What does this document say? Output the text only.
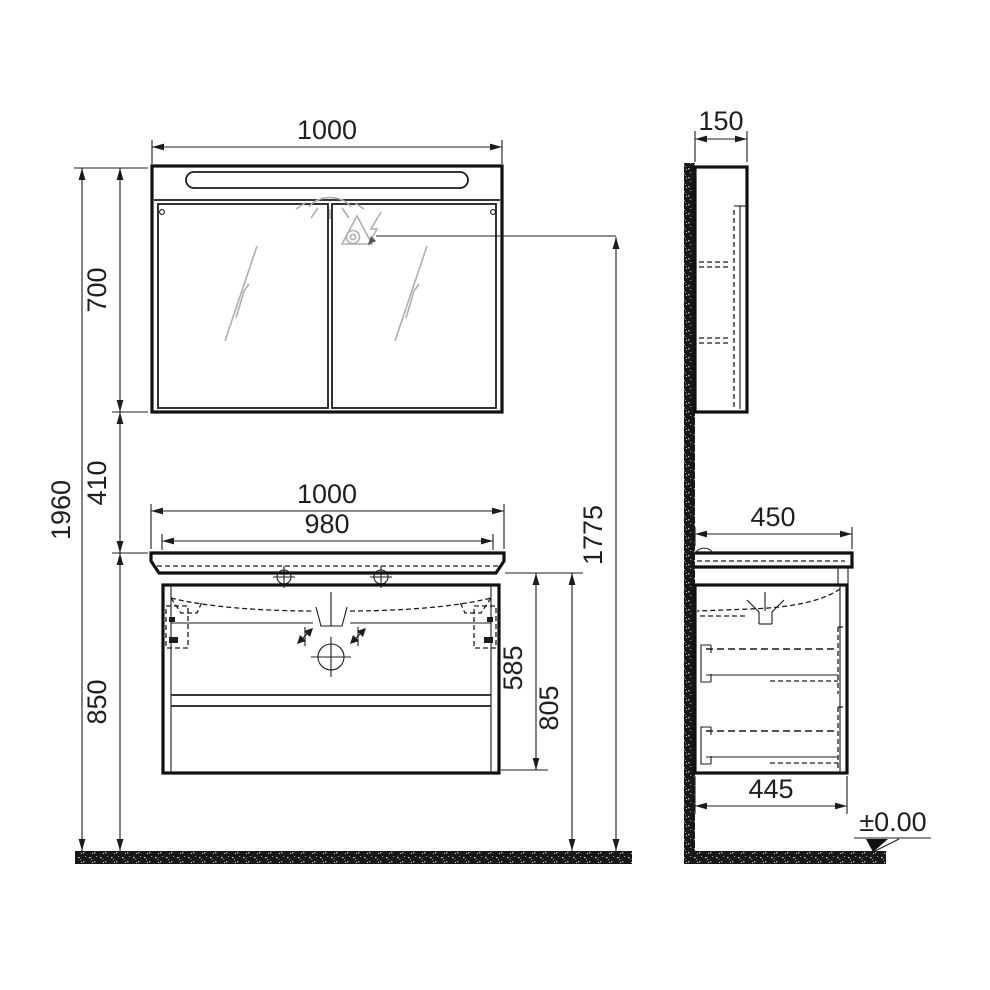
1000
1960
700
410
850
1000
980
585
805
1775
150
450
445
±0.00
